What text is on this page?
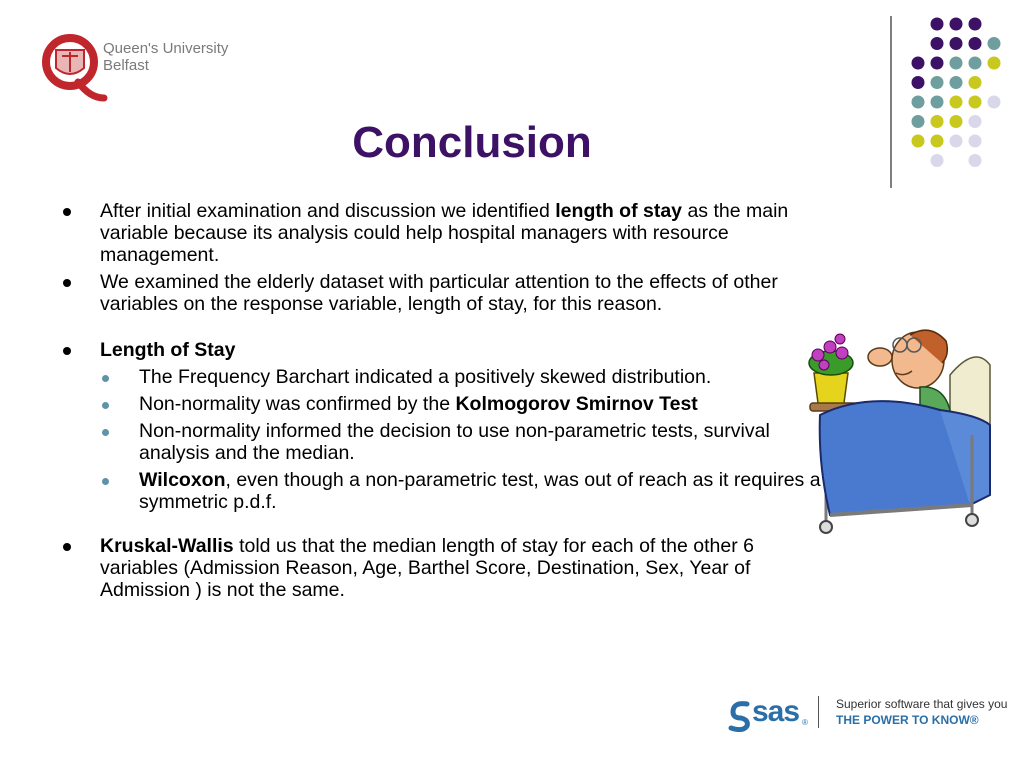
Queen's University
Belfast
Conclusion
After initial examination and discussion we identified length of stay as the main variable because its analysis could help hospital managers with resource management.
We examined the elderly dataset with particular attention to the effects of other variables on the response variable, length of stay, for this reason.
Length of Stay
The Frequency Barchart indicated a positively skewed distribution.
Non-normality was confirmed by the Kolmogorov Smirnov Test
Non-normality informed the decision to use non-parametric tests, survival analysis and the median.
Wilcoxon, even though a non-parametric test, was out of reach as it requires a symmetric p.d.f.
Kruskal-Wallis told us that the median length of stay for each of the other 6 variables (Admission Reason, Age, Barthel Score, Destination, Sex, Year of Admission ) is not the same.
sas ®
Superior software that gives you
THE POWER TO KNOW®
